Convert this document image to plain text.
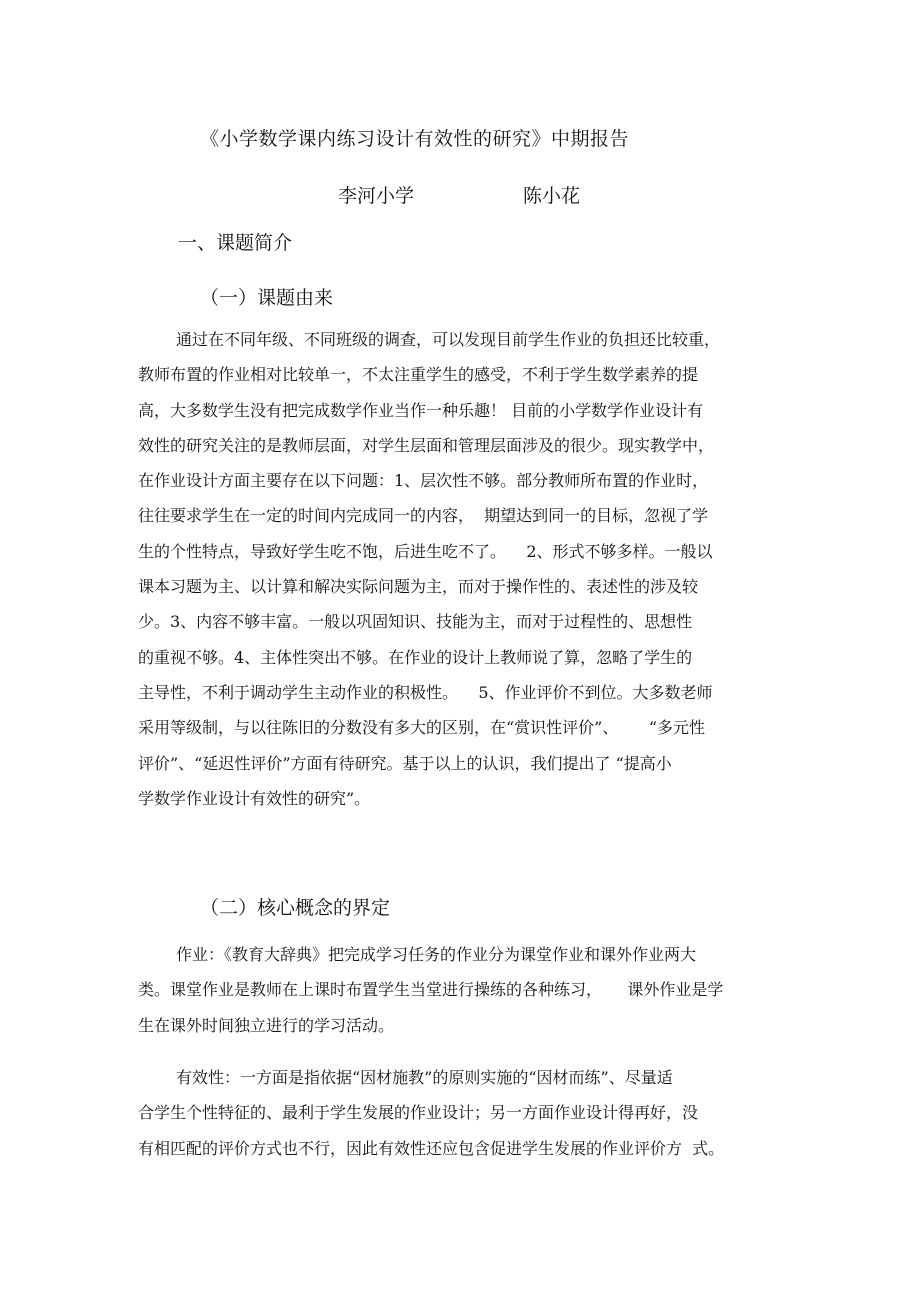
《小学数学课内练习设计有效性的研究》中期报告
李河小学	陈小花
一、课题简介
（一）课题由来
通过在不同年级、不同班级的调查，可以发现目前学生作业的负担还比较重，
教师布置的作业相对比较单一，不太注重学生的感受，不利于学生数学素养的提
高，大多数学生没有把完成数学作业当作一种乐趣！ 目前的小学数学作业设计有
效性的研究关注的是教师层面，对学生层面和管理层面涉及的很少。现实教学中，
在作业设计方面主要存在以下问题：1、层次性不够。部分教师所布置的作业时，
往往要求学生在一定的时间内完成同一的内容，  期望达到同一的目标，忽视了学
生的个性特点，导致好学生吃不饱，后进生吃不了。    2、形式不够多样。一般以
课本习题为主、以计算和解决实际问题为主，而对于操作性的、表述性的涉及较
少。3、内容不够丰富。一般以巩固知识、技能为主，而对于过程性的、思想性
的重视不够。4、主体性突出不够。在作业的设计上教师说了算，忽略了学生的
主导性，不利于调动学生主动作业的积极性。    5、作业评价不到位。大多数老师
采用等级制，与以往陈旧的分数没有多大的区别，在“赏识性评价”、      “多元性
评价”、“延迟性评价”方面有待研究。基于以上的认识，我们提出了 “提高小
学数学作业设计有效性的研究”。
（二）核心概念的界定
作业：《教育大辞典》把完成学习任务的作业分为课堂作业和课外作业两大
类。课堂作业是教师在上课时布置学生当堂进行操练的各种练习，     课外作业是学
生在课外时间独立进行的学习活动。
有效性：一方面是指依据“因材施教”的原则实施的“因材而练”、尽量适
合学生个性特征的、最利于学生发展的作业设计；另一方面作业设计得再好，没
有相匹配的评价方式也不行，因此有效性还应包含促进学生发展的作业评价方  式。
